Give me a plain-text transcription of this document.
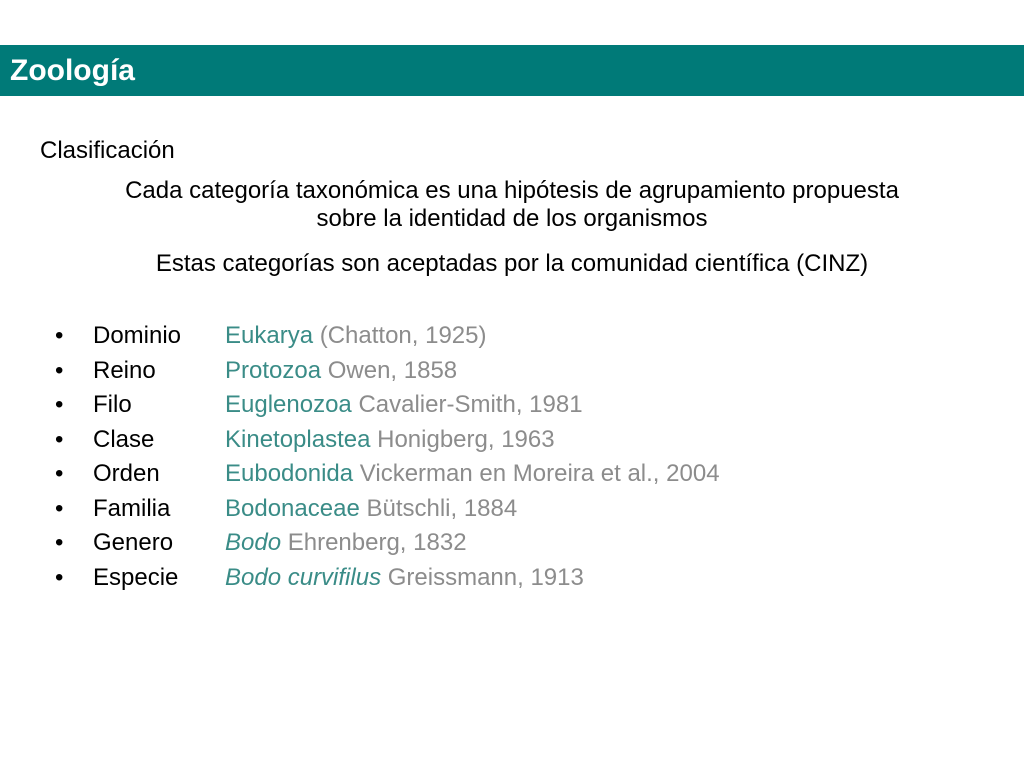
Zoología
Clasificación
Cada categoría taxonómica es una hipótesis de agrupamiento propuesta
sobre la identidad de los organismos
Estas categorías son aceptadas por la comunidad científica (CINZ)
• Dominio Eukarya (Chatton, 1925)
• Reino	Protozoa Owen, 1858
• Filo	Euglenozoa Cavalier-Smith, 1981
• Clase	Kinetoplastea Honigberg, 1963
• Orden	Eubodonida Vickerman en Moreira et al., 2004
• Familia Bodonaceae Bütschli, 1884
• Genero Bodo Ehrenberg, 1832
• Especie Bodo curvifilus Greissmann, 1913
